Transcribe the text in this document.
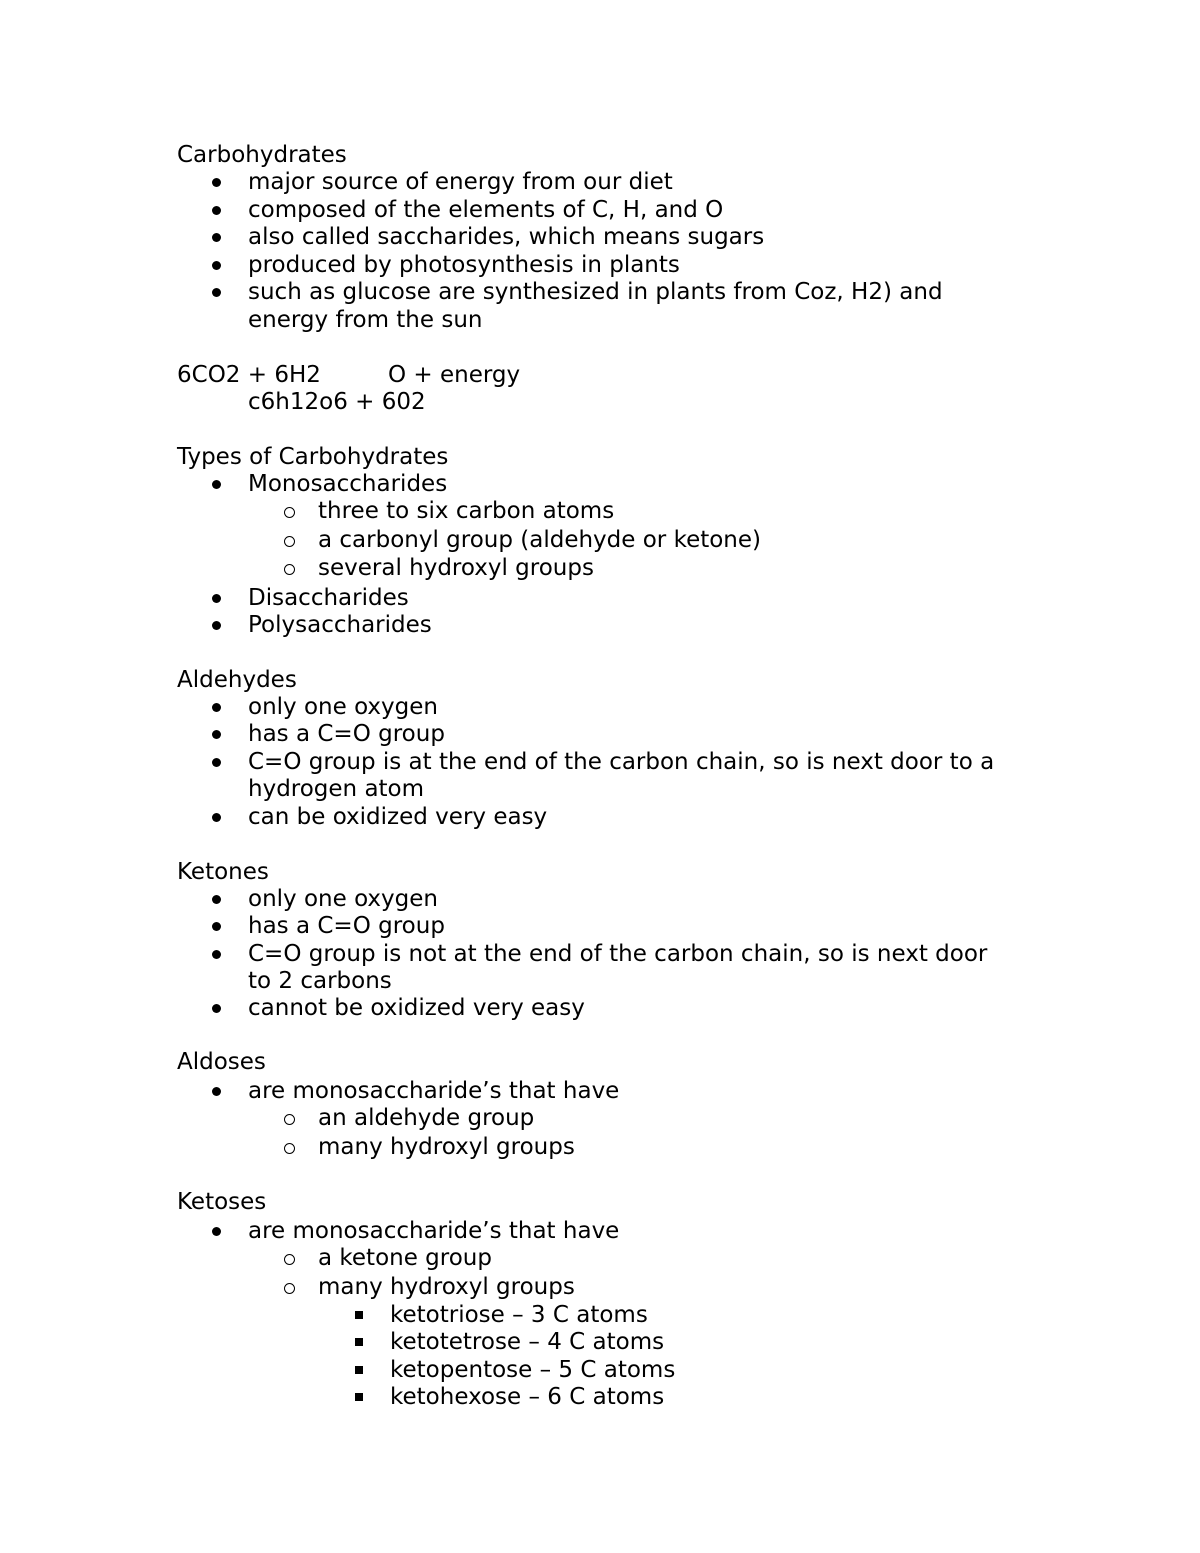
Carbohydrates
major source of energy from our diet
composed of the elements of C, H, and O
also called saccharides, which means sugars
produced by photosynthesis in plants
such as glucose are synthesized in plants from Coz, H2) and
energy from the sun
6CO2 + 6H2	O + energy
c6h12o6 + 602
Types of Carbohydrates
Monosaccharides
three to six carbon atoms
a carbonyl group (aldehyde or ketone)
several hydroxyl groups
Disaccharides
Polysaccharides
Aldehydes
only one oxygen
has a C=O group
C=O group is at the end of the carbon chain, so is next door to a
hydrogen atom
can be oxidized very easy
Ketones
only one oxygen
has a C=O group
C=O group is not at the end of the carbon chain, so is next door
to 2 carbons
cannot be oxidized very easy
Aldoses
are monosaccharide’s that have
an aldehyde group
many hydroxyl groups
Ketoses
are monosaccharide’s that have
a ketone group
many hydroxyl groups
ketotriose – 3 C atoms
ketotetrose – 4 C atoms
ketopentose – 5 C atoms
ketohexose – 6 C atoms
